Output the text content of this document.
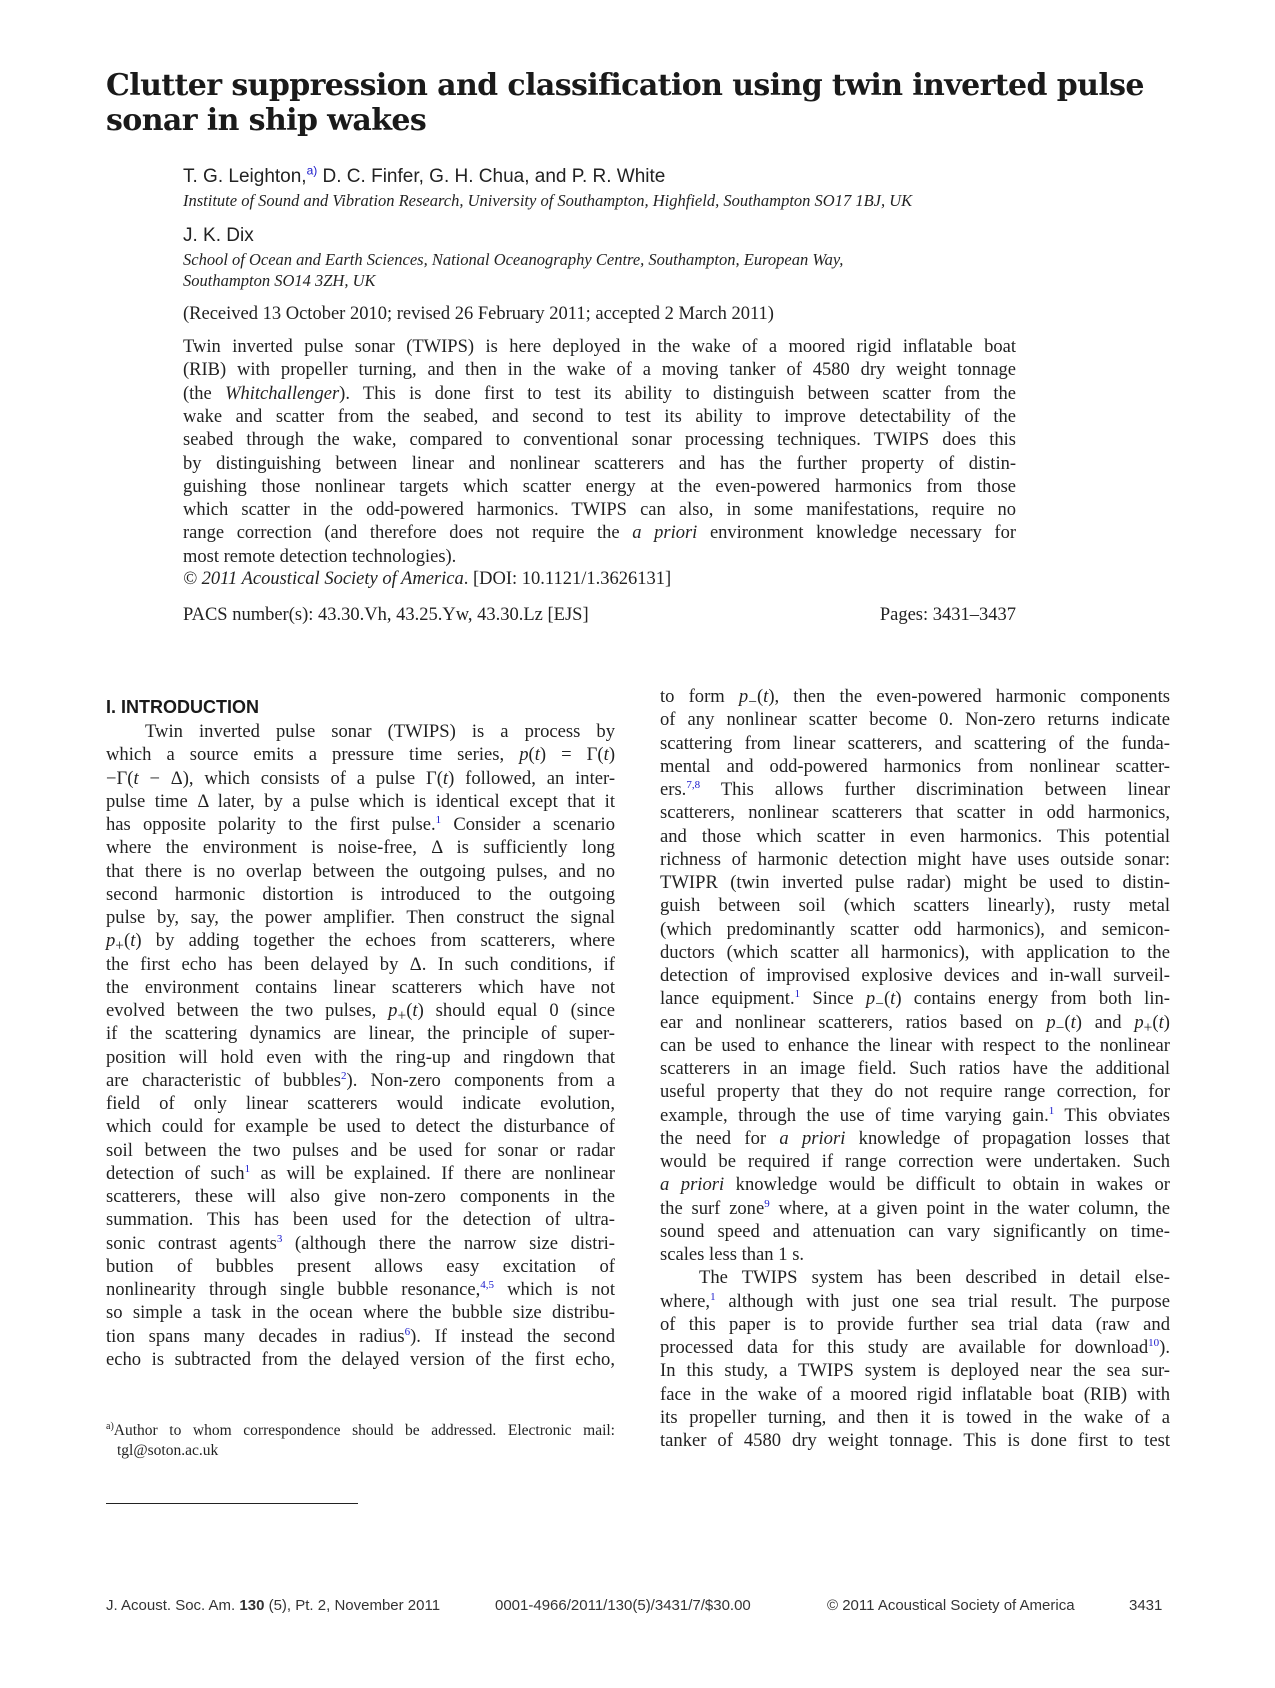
Clutter suppression and classification using twin inverted pulse
sonar in ship wakes
T. G. Leighton,$^{a)}$ D. C. Finfer, G. H. Chua, and P. R. White
Institute of Sound and Vibration Research, University of Southampton, Highfield, Southampton SO17 1BJ, UK
J. K. Dix
School of Ocean and Earth Sciences, National Oceanography Centre, Southampton, European Way,
Southampton SO14 3ZH, UK
(Received 13 October 2010; revised 26 February 2011; accepted 2 March 2011)
Twin inverted pulse sonar (TWIPS) is here deployed in the wake of a moored rigid inflatable boat
(RIB) with propeller turning, and then in the wake of a moving tanker of 4580 dry weight tonnage
(the Whitchallenger). This is done first to test its ability to distinguish between scatter from the
wake and scatter from the seabed, and second to test its ability to improve detectability of the
seabed through the wake, compared to conventional sonar processing techniques. TWIPS does this
by distinguishing between linear and nonlinear scatterers and has the further property of distin-
guishing those nonlinear targets which scatter energy at the even-powered harmonics from those
which scatter in the odd-powered harmonics. TWIPS can also, in some manifestations, require no
range correction (and therefore does not require the a priori environment knowledge necessary for
most remote detection technologies).
© 2011 Acoustical Society of America. [DOI: 10.1121/1.3626131]
PACS number(s): 43.30.Vh, 43.25.Yw, 43.30.Lz [EJS]	Pages: 3431–3437
I. INTRODUCTION
Twin inverted pulse sonar (TWIPS) is a process by
which a source emits a pressure time series, p(t) = Γ(t)
−Γ(t − Δ), which consists of a pulse Γ(t) followed, an inter-
pulse time Δ later, by a pulse which is identical except that it
has opposite polarity to the first pulse.$^1$ Consider a scenario
where the environment is noise-free, Δ is sufficiently long
that there is no overlap between the outgoing pulses, and no
second harmonic distortion is introduced to the outgoing
pulse by, say, the power amplifier. Then construct the signal
$p_+(t)$ by adding together the echoes from scatterers, where
the first echo has been delayed by Δ. In such conditions, if
the environment contains linear scatterers which have not
evolved between the two pulses, $p_+(t)$ should equal 0 (since
if the scattering dynamics are linear, the principle of super-
position will hold even with the ring-up and ringdown that
are characteristic of bubbles$^2$). Non-zero components from a
field of only linear scatterers would indicate evolution,
which could for example be used to detect the disturbance of
soil between the two pulses and be used for sonar or radar
detection of such$^1$ as will be explained. If there are nonlinear
scatterers, these will also give non-zero components in the
summation. This has been used for the detection of ultra-
sonic contrast agents$^3$ (although there the narrow size distri-
bution of bubbles present allows easy excitation of
nonlinearity through single bubble resonance,$^{4,5}$ which is not
so simple a task in the ocean where the bubble size distribu-
tion spans many decades in radius$^6$). If instead the second
echo is subtracted from the delayed version of the first echo,
to form $p_-(t)$, then the even-powered harmonic components
of any nonlinear scatter become 0. Non-zero returns indicate
scattering from linear scatterers, and scattering of the funda-
mental and odd-powered harmonics from nonlinear scatter-
ers.$^{7,8}$ This allows further discrimination between linear
scatterers, nonlinear scatterers that scatter in odd harmonics,
and those which scatter in even harmonics. This potential
richness of harmonic detection might have uses outside sonar:
TWIPR (twin inverted pulse radar) might be used to distin-
guish between soil (which scatters linearly), rusty metal
(which predominantly scatter odd harmonics), and semicon-
ductors (which scatter all harmonics), with application to the
detection of improvised explosive devices and in-wall surveil-
lance equipment.$^1$ Since $p_-(t)$ contains energy from both lin-
ear and nonlinear scatterers, ratios based on $p_-(t)$ and $p_+(t)$
can be used to enhance the linear with respect to the nonlinear
scatterers in an image field. Such ratios have the additional
useful property that they do not require range correction, for
example, through the use of time varying gain.$^1$ This obviates
the need for a priori knowledge of propagation losses that
would be required if range correction were undertaken. Such
a priori knowledge would be difficult to obtain in wakes or
the surf zone$^9$ where, at a given point in the water column, the
sound speed and attenuation can vary significantly on time-
scales less than 1 s.
The TWIPS system has been described in detail else-
where,$^1$ although with just one sea trial result. The purpose
of this paper is to provide further sea trial data (raw and
processed data for this study are available for download$^{10}$).
In this study, a TWIPS system is deployed near the sea sur-
face in the wake of a moored rigid inflatable boat (RIB) with
its propeller turning, and then it is towed in the wake of a
tanker of 4580 dry weight tonnage. This is done first to test
$^{a)}$Author to whom correspondence should be addressed. Electronic mail:
tgl@soton.ac.uk
J. Acoust. Soc. Am. 130 (5), Pt. 2, November 2011	0001-4966/2011/130(5)/3431/7/$30.00	© 2011 Acoustical Society of America	3431
